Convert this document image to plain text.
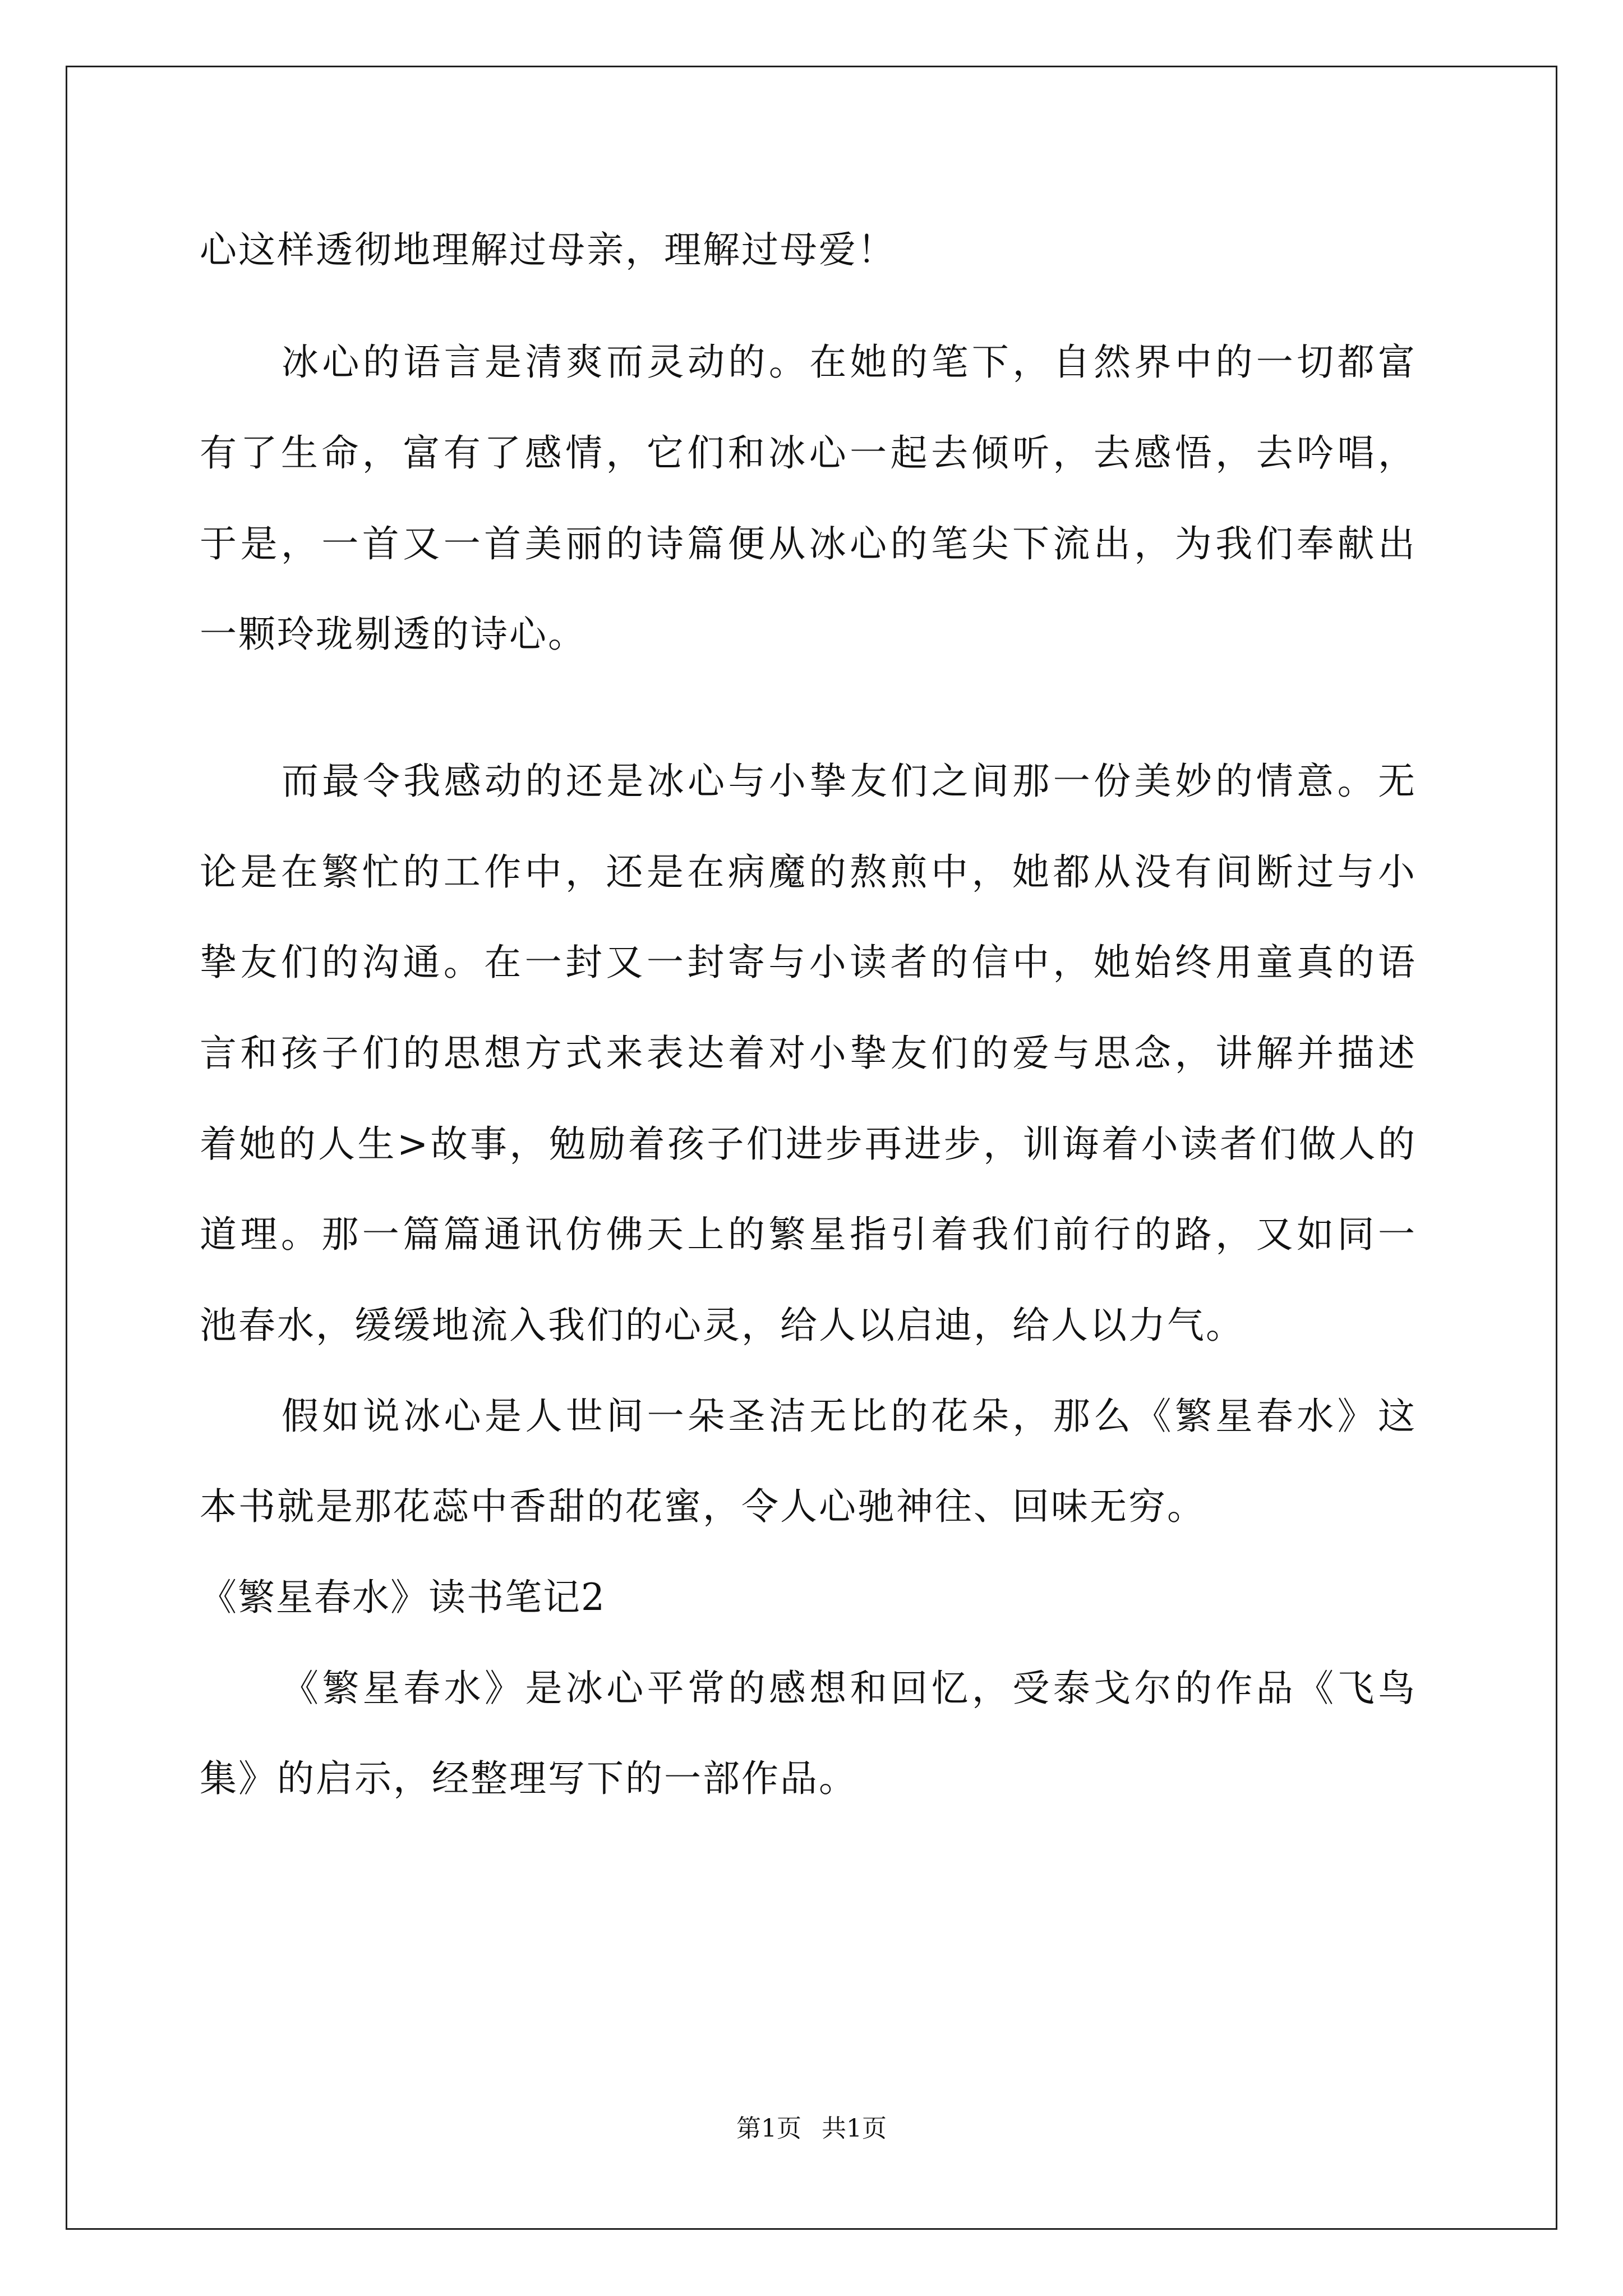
心这样透彻地理解过母亲，理解过母爱！
冰心的语言是清爽而灵动的。在她的笔下，自然界中的一切都富
有了生命，富有了感情，它们和冰心一起去倾听，去感悟，去吟唱，
于是，一首又一首美丽的诗篇便从冰心的笔尖下流出，为我们奉献出
一颗玲珑剔透的诗心。
而最令我感动的还是冰心与小挚友们之间那一份美妙的情意。无
论是在繁忙的工作中，还是在病魔的熬煎中，她都从没有间断过与小
挚友们的沟通。在一封又一封寄与小读者的信中，她始终用童真的语
言和孩子们的思想方式来表达着对小挚友们的爱与思念，讲解并描述
着她的人生>故事，勉励着孩子们进步再进步，训诲着小读者们做人的
道理。那一篇篇通讯仿佛天上的繁星指引着我们前行的路，又如同一
池春水，缓缓地流入我们的心灵，给人以启迪，给人以力气。
假如说冰心是人世间一朵圣洁无比的花朵，那么《繁星春水》这
本书就是那花蕊中香甜的花蜜，令人心驰神往、回味无穷。
《繁星春水》读书笔记2
《繁星春水》是冰心平常的感想和回忆，受泰戈尔的作品《飞鸟
集》的启示，经整理写下的一部作品。
第1页 共1页
